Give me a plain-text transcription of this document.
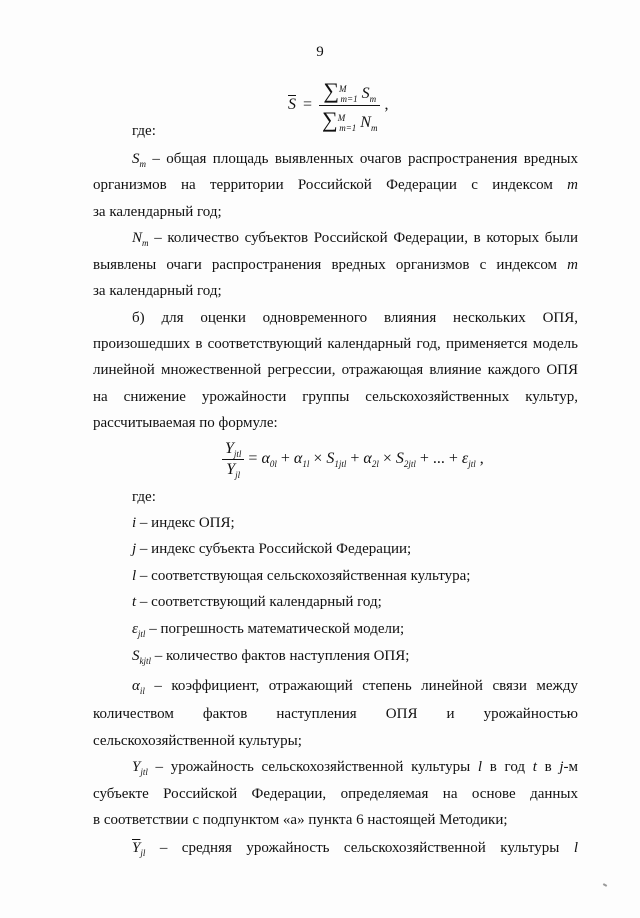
9
$\overline{S} = \frac{\sum^M_{m=1} S_m}{\sum^M_{m=1} N_m}$ ,
где:
$S_m$ – общая площадь выявленных очагов распространения вредных
организмов на территории Российской Федерации с индексом m
за календарный год;
$N_m$ – количество субъектов Российской Федерации, в которых были
выявлены очаги распространения вредных организмов с индексом m
за календарный год;
б) для оценки одновременного влияния нескольких ОПЯ,
произошедших в соответствующий календарный год, применяется модель
линейной множественной регрессии, отражающая влияние каждого ОПЯ
на снижение урожайности группы сельскохозяйственных культур,
рассчитываемая по формуле:
$\frac{Y_{jtl}}{Y_{jl}} = \alpha_{0l} + \alpha_{1l} \times S_{1jtl} + \alpha_{2l} \times S_{2jtl}$ + ... + $\varepsilon_{jtl}$ ,
где:
i – индекс ОПЯ;
j – индекс субъекта Российской Федерации;
l – соответствующая сельскохозяйственная культура;
t – соответствующий календарный год;
$\varepsilon_{jtl}$ – погрешность математической модели;
$S_{kjtl}$ – количество фактов наступления ОПЯ;
$\alpha_{il}$ – коэффициент, отражающий степень линейной связи между
количеством фактов наступления ОПЯ и урожайностью
сельскохозяйственной культуры;
$Y_{jtl}$ – урожайность сельскохозяйственной культуры l в год t в j-м
субъекте Российской Федерации, определяемая на основе данных
в соответствии с подпунктом «а» пункта 6 настоящей Методики;
$\overline{Y}_{jl}$ – средняя урожайность сельскохозяйственной культуры l
